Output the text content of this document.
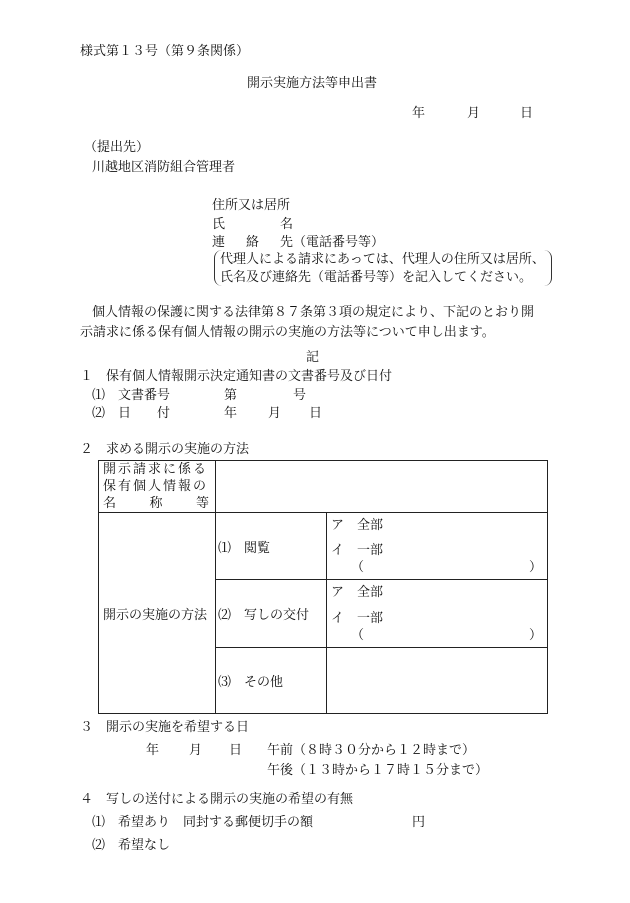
様式第１３号（第９条関係）
開示実施方法等申出書
年	月	日
（提出先）
川越地区消防組合管理者
住所又は居所
氏	名
連 絡 先（電話番号等）
代理人による請求にあっては、代理人の住所又は居所、
氏名及び連絡先（電話番号等）を記入してください。
個人情報の保護に関する法律第８７条第３項の規定により、下記のとおり開
示請求に係る保有個人情報の開示の実施の方法等について申し出ます。
記
１　保有個人情報開示決定通知書の文書番号及び日付
⑴　文書番号	第	号
⑵　日　　付	年 月 日
２　求める開示の実施の方法
開示請求に係る
保有個人情報の
名 称 等		

開示の実施の方法	⑴　閲覧	ア　全部
イ　一部
（ ）

	⑵　写しの交付	ア　全部
イ　一部
（ ）

	⑶　その他	

３　開示の実施を希望する日
年 月 日 午前（８時３０分から１２時まで）
午後（１３時から１７時１５分まで）
４　写しの送付による開示の実施の希望の有無
⑴　希望あり　同封する郵便切手の額	円
⑵　希望なし
